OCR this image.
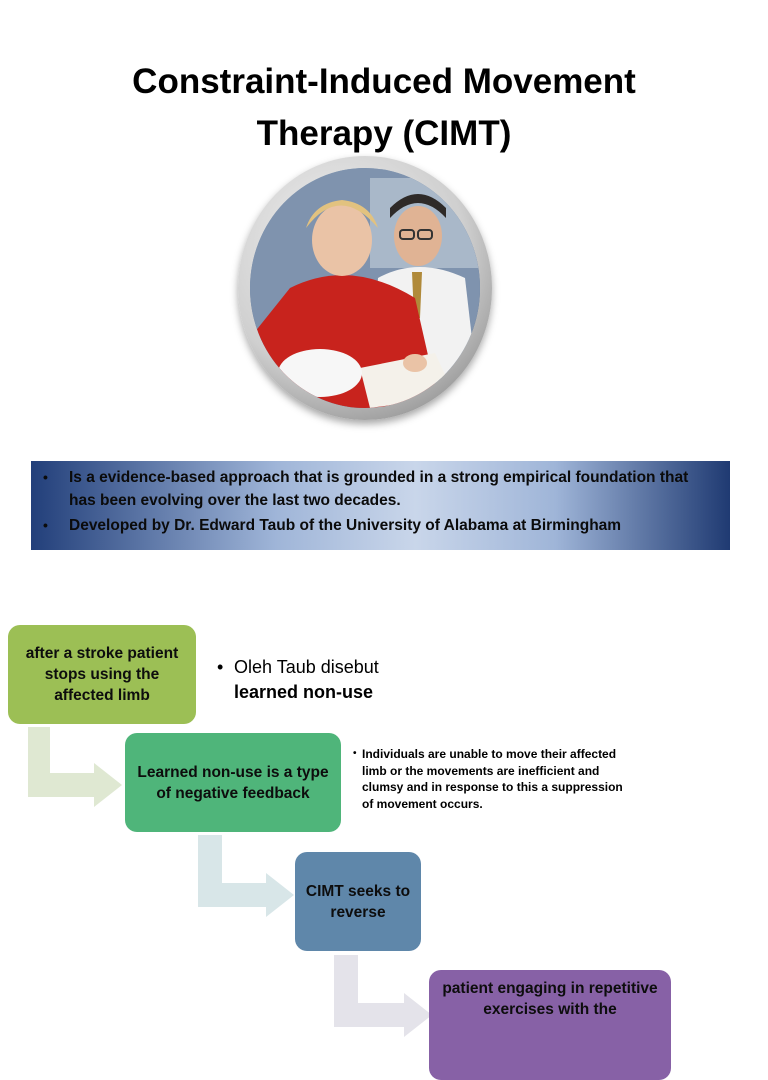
Constraint-Induced Movement
Therapy (CIMT)
• Is a evidence-based approach that is grounded in a strong empirical foundation that has been evolving over the last two decades.
• Developed by Dr. Edward Taub of the University of Alabama at Birmingham
after a stroke patient stops using the affected limb
Learned non-use is a type of negative feedback
CIMT seeks to reverse
patient engaging in repetitive exercises with the
• Oleh Taub disebut
learned non-use
• Individuals are unable to move their affected limb or the movements are inefficient and clumsy and in response to this a suppression of movement occurs.
